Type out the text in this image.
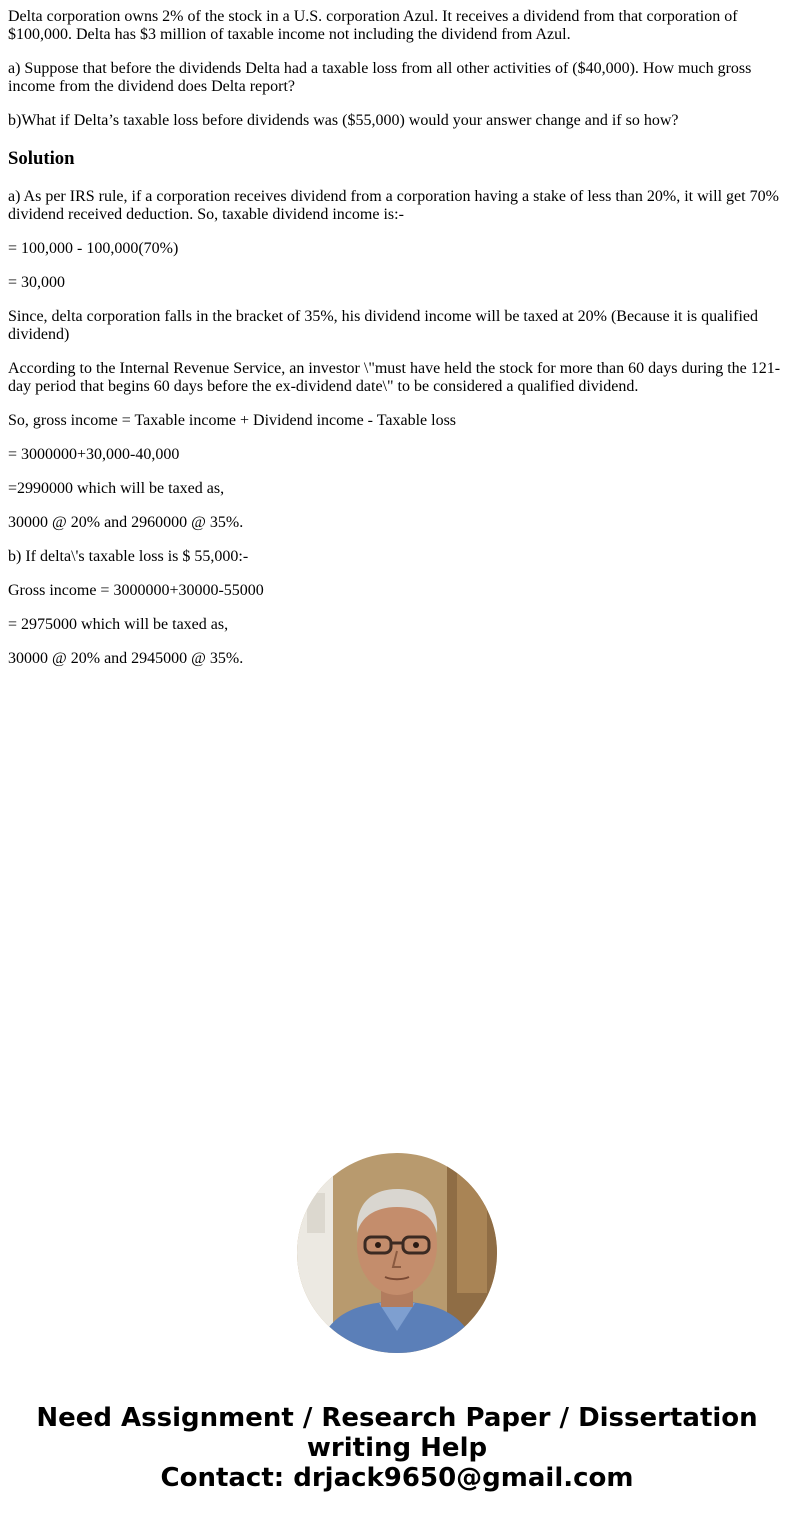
Delta corporation owns 2% of the stock in a U.S. corporation Azul. It receives a dividend from that corporation of $100,000. Delta has $3 million of taxable income not including the dividend from Azul.

a) Suppose that before the dividends Delta had a taxable loss from all other activities of ($40,000). How much gross income from the dividend does Delta report?

b)What if Delta’s taxable loss before dividends was ($55,000) would your answer change and if so how?

Solution

a) As per IRS rule, if a corporation receives dividend from a corporation having a stake of less than 20%, it will get 70% dividend received deduction. So, taxable dividend income is:-

= 100,000 - 100,000(70%)

= 30,000

Since, delta corporation falls in the bracket of 35%, his dividend income will be taxed at 20% (Because it is qualified dividend)

According to the Internal Revenue Service, an investor \"must have held the stock for more than 60 days during the 121-day period that begins 60 days before the ex-dividend date\" to be considered a qualified dividend.

So, gross income = Taxable income + Dividend income - Taxable loss

= 3000000+30,000-40,000

=2990000 which will be taxed as,

30000 @ 20% and 2960000 @ 35%.

b) If delta\'s taxable loss is $ 55,000:-

Gross income = 3000000+30000-55000

= 2975000 which will be taxed as,

30000 @ 20% and 2945000 @ 35%.

Need Assignment / Research Paper / Dissertation writing Help
Contact: drjack9650@gmail.com
